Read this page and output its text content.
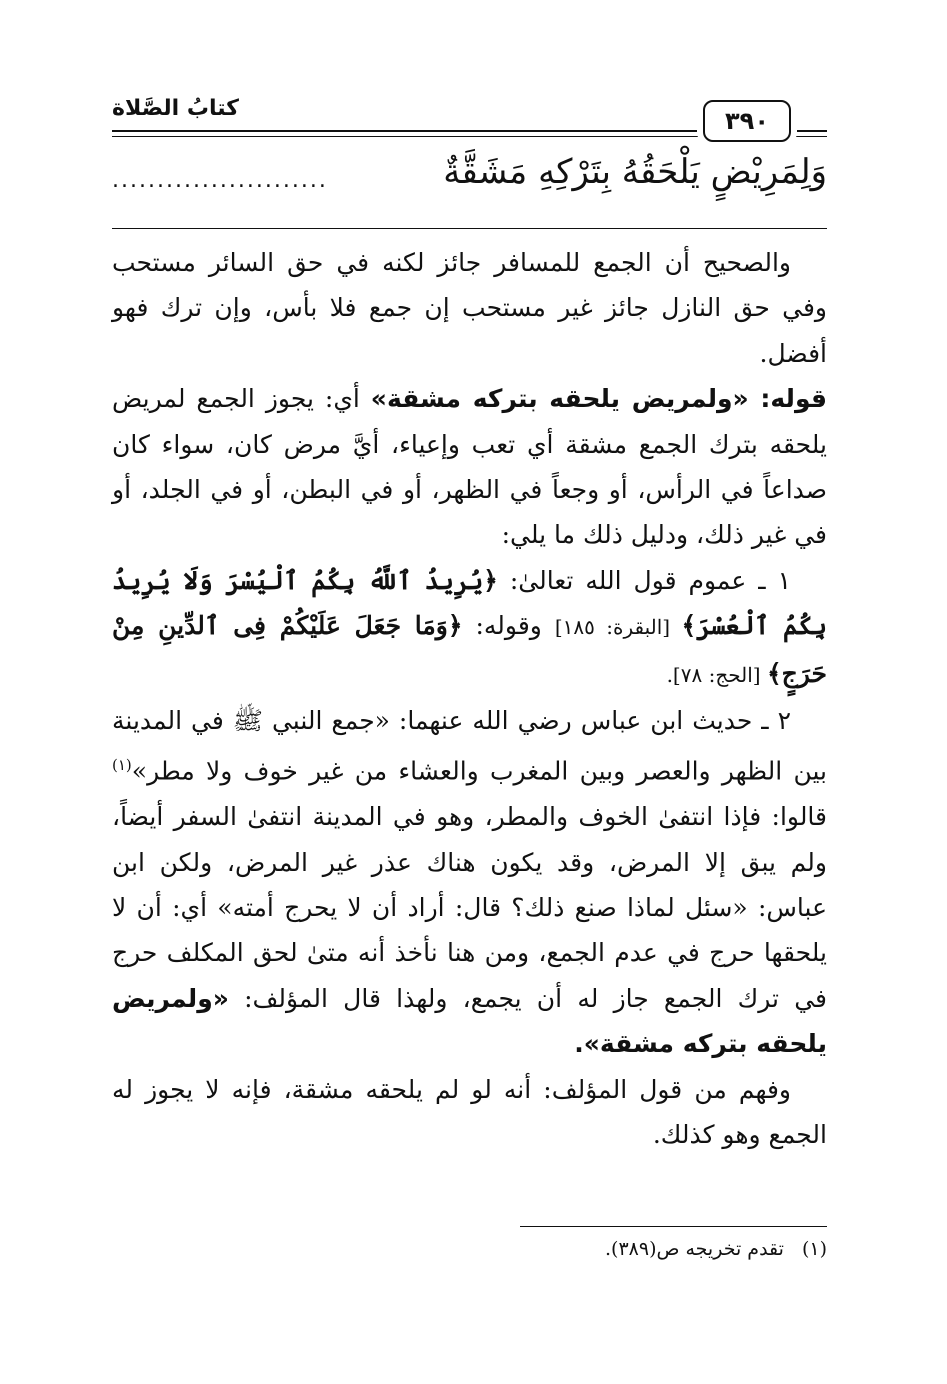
كتابُ الصَّلاة	٣٩٠
وَلِمَرِيْضٍ يَلْحَقُهُ بِتَرْكِهِ مَشَقَّةٌ
........................

والصحيح أن الجمع للمسافر جائز لكنه في حق السائر مستحب وفي حق النازل جائز غير مستحب إن جمع فلا بأس، وإن ترك فهو أفضل.

قوله: «ولمريض يلحقه بتركه مشقة» أي: يجوز الجمع لمريض يلحقه بترك الجمع مشقة أي تعب وإعياء، أيَّ مرض كان، سواء كان صداعاً في الرأس، أو وجعاً في الظهر، أو في البطن، أو في الجلد، أو في غير ذلك، ودليل ذلك ما يلي:

١ ـ عموم قول الله تعالىٰ: ﴿يُرِيدُ ٱللَّهُ بِكُمُ ٱلْيُسْرَ وَلَا يُرِيدُ بِكُمُ ٱلْعُسْرَ﴾ [البقرة: ١٨٥] وقوله: ﴿وَمَا جَعَلَ عَلَيْكُمْ فِى ٱلدِّينِ مِنْ حَرَجٍ﴾ [الحج: ٧٨].

٢ ـ حديث ابن عباس رضي الله عنهما: «جمع النبي ﷺ في المدينة بين الظهر والعصر وبين المغرب والعشاء من غير خوف ولا مطر»$^{(١)}$ قالوا: فإذا انتفىٰ الخوف والمطر، وهو في المدينة انتفىٰ السفر أيضاً، ولم يبق إلا المرض، وقد يكون هناك عذر غير المرض، ولكن ابن عباس: «سئل لماذا صنع ذلك؟ قال: أراد أن لا يحرج أمته» أي: أن لا يلحقها حرج في عدم الجمع، ومن هنا نأخذ أنه متىٰ لحق المكلف حرج في ترك الجمع جاز له أن يجمع، ولهذا قال المؤلف: «ولمريض يلحقه بتركه مشقة».

وفهم من قول المؤلف: أنه لو لم يلحقه مشقة، فإنه لا يجوز له الجمع وهو كذلك.

(١)تقدم تخريجه ص(٣٨٩).
